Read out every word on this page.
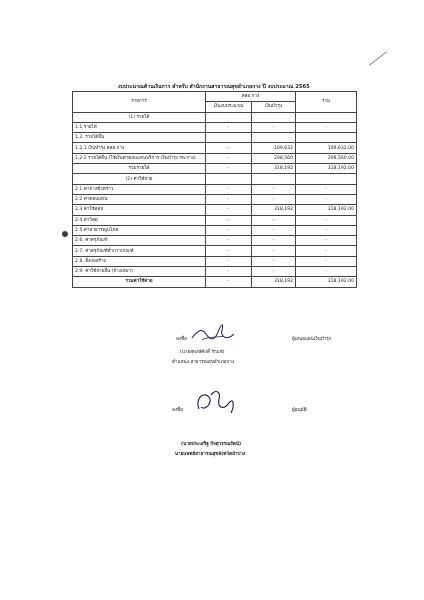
งบประมาณด้านเงินการ สำหรับ สำนักงานสาธารณสุขอำเภอกาง ปี งบประมาณ 2565
รายการ	สสอ.กาง		รวม
	เงินงบประมาณ	เงินบำรุง	
(1) รายได้			
1.1 รายได้	-	-	-
1.2. รายได้อื่น			
1.2.1 เงินบำรุง สสอ.กาง	-	109,632	109,632.00
1.2.2 รายได้อื่น (ใช้เงินค่าตอบแทนบริการ เงินบำรุง รพ.กาง)	-	208,560	208,560.00
รวมรายได้	-	318,192	318,192.00
(2) ค่าใช้จ่าย			
2.1 ค่าจ้างชั่วคราว	-	-	-
2.2 ค่าตอบแทน	-	-	-
2.3 ค่าใช้สอย	-	318,192	318,192.00
2.4 ค่าวัสดุ	-	-	-
2.5 ค่าสาธารณูปโภค	-	-	-
2.6. ค่าครุภัณฑ์	-	-	-
2.7. ค่าครุภัณฑ์ต่ำกว่าเกณฑ์	-	-	-
2.8. สิ่งก่อสร้าง	-	-	-
2.9. ค่าใช้จ่ายอื่น (จ้างเหมา)	-	-	-
รวมค่าใช้จ่าย	-	318,192	318,192.00
ลงชื่อ	ผู้เสนอแผนเงินบำรุง
(นายสุพงษ์ศักดิ์ รักแช่)
ตำแหน่ง สาธารณสุขอำเภอกาง
ลงชื่อ	ผู้อนุมัติ
(นายประเสริฐ กิจสุวรรณรัตน์)
นายแพทย์สาธารณสุขจังหวัดลำปาง
